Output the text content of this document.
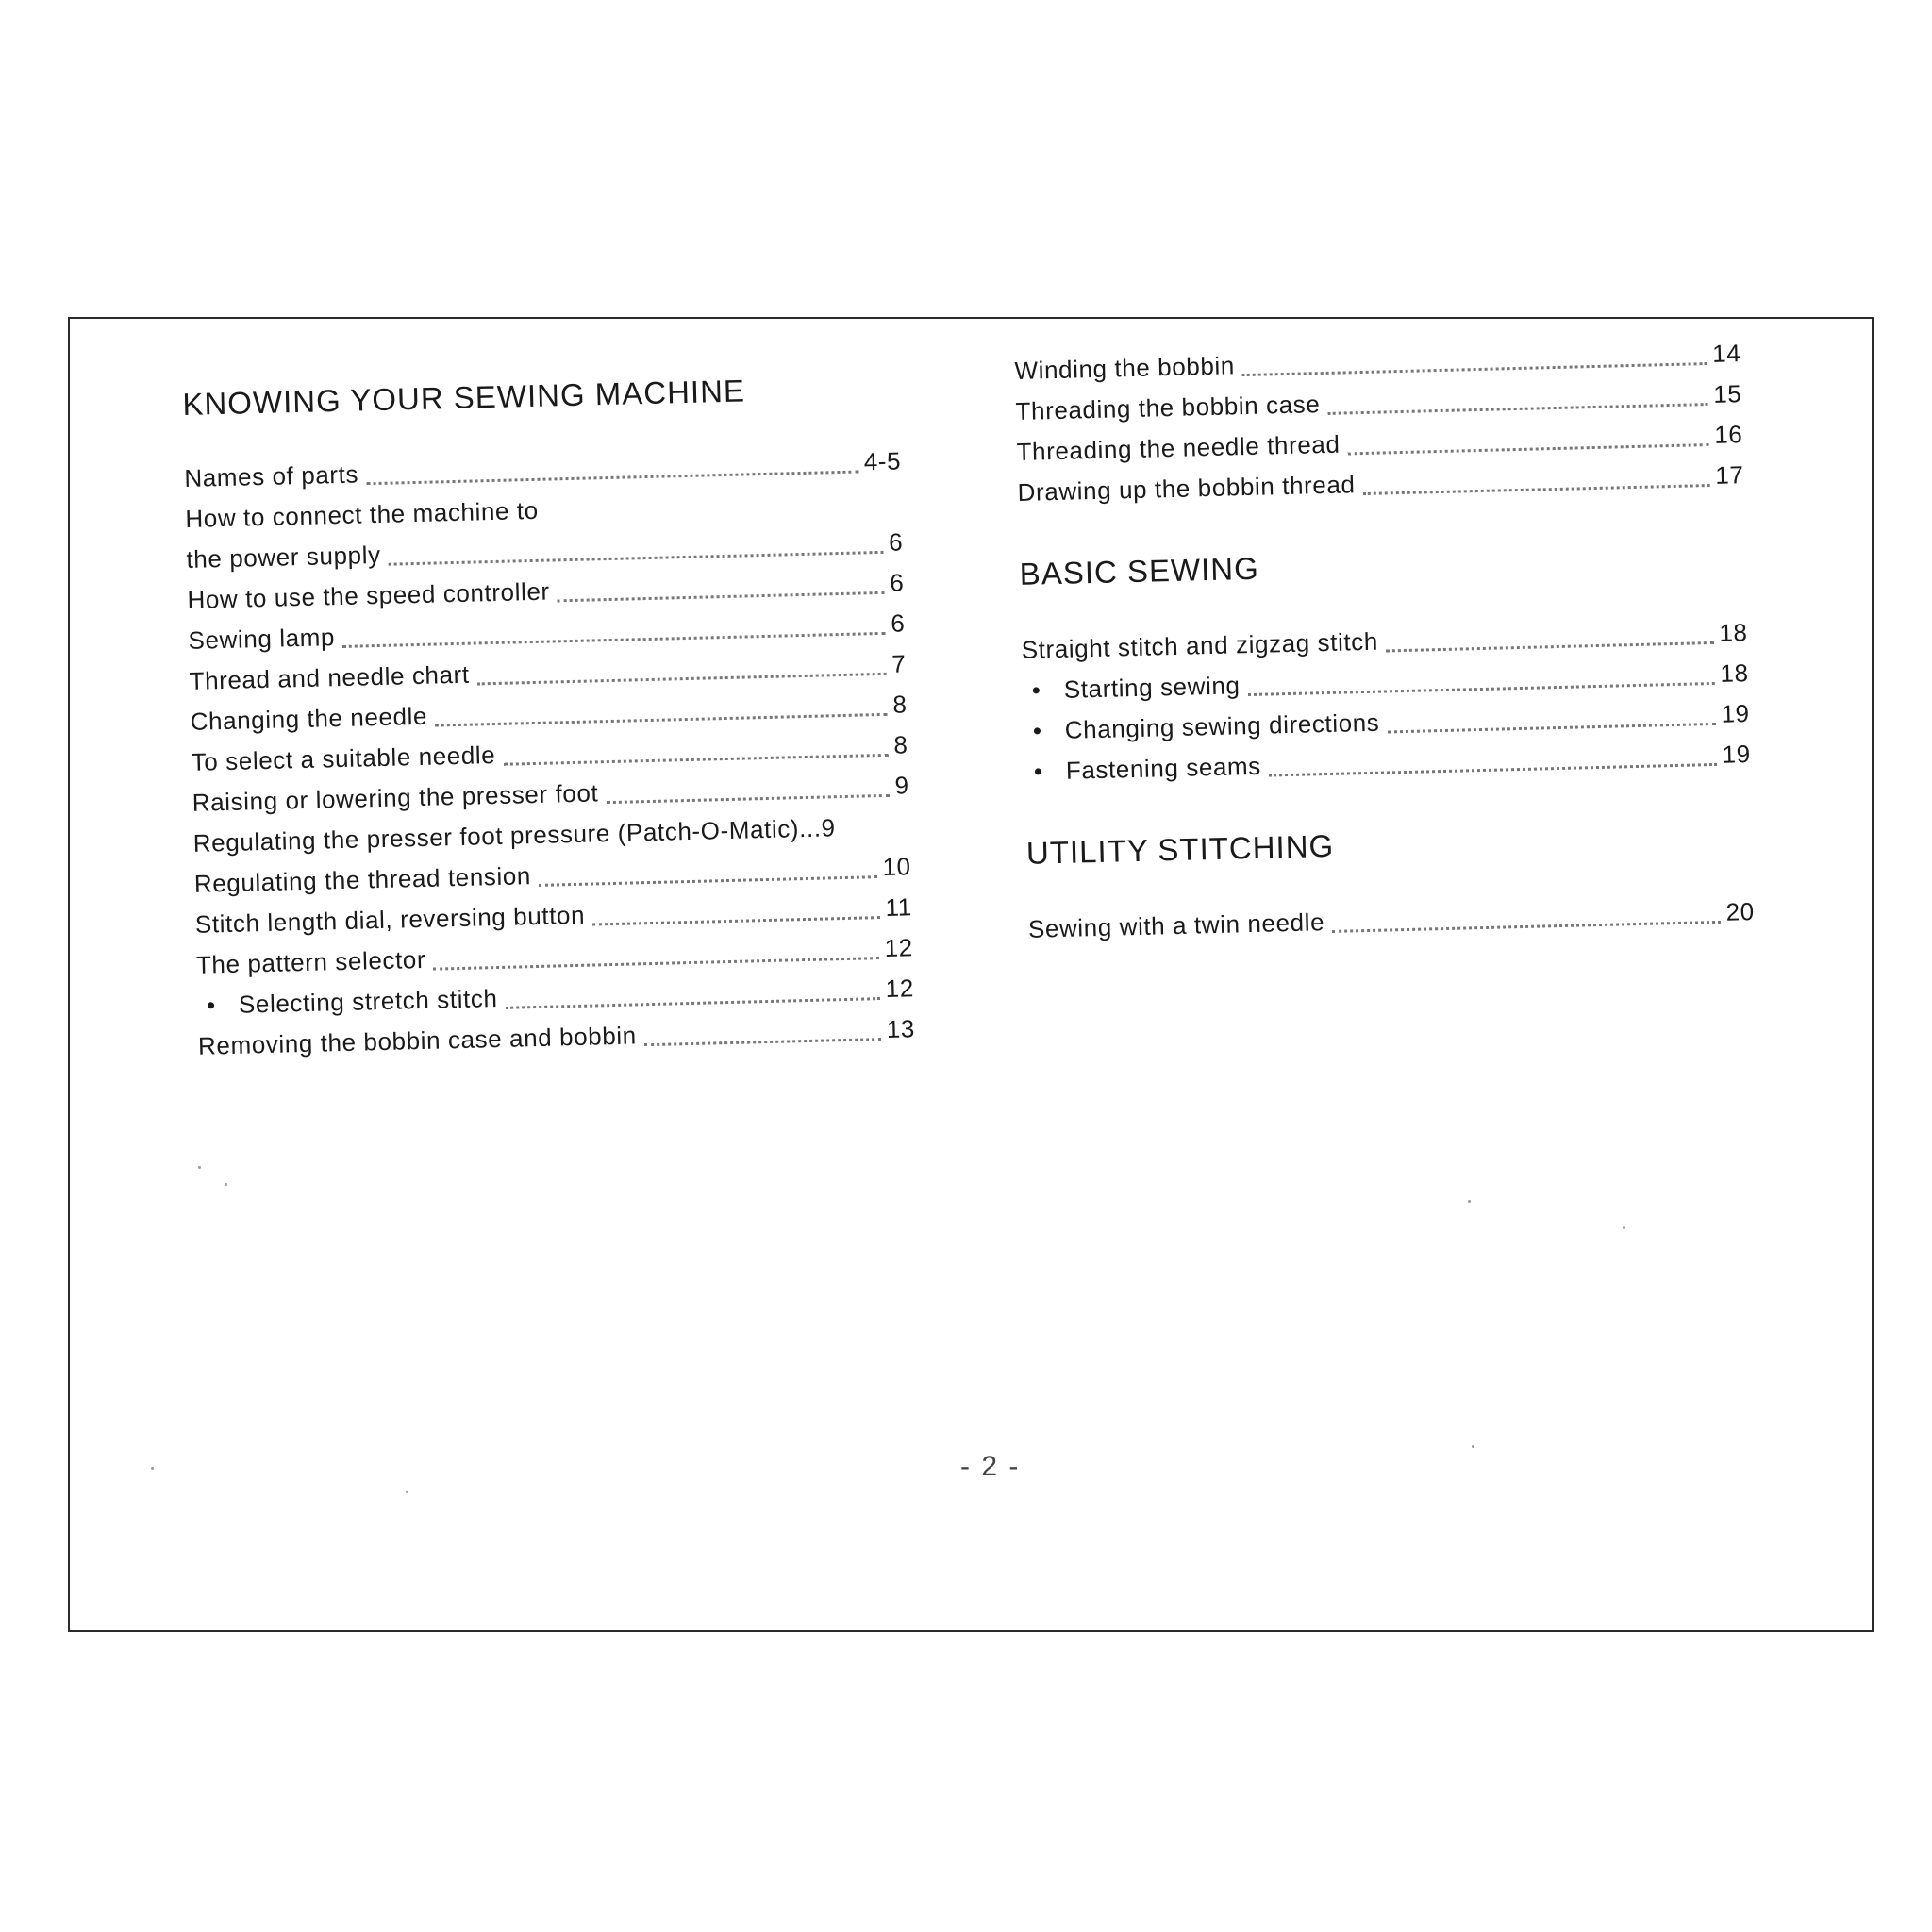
KNOWING YOUR SEWING MACHINE
Names of parts	4-5
How to connect the machine to
the power supply	6
How to use the speed controller	6
Sewing lamp	6
Thread and needle chart	7
Changing the needle	8
To select a suitable needle	8
Raising or lowering the presser foot	9
Regulating the presser foot pressure (Patch-O-Matic)... 9
Regulating the thread tension	10
Stitch length dial, reversing button	11
The pattern selector	12
• Selecting stretch stitch	12
Removing the bobbin case and bobbin	13
Winding the bobbin	14
Threading the bobbin case	15
Threading the needle thread	16
Drawing up the bobbin thread	17
BASIC SEWING
Straight stitch and zigzag stitch	18
• Starting sewing	18
• Changing sewing directions	19
• Fastening seams	19
UTILITY STITCHING
Sewing with a twin needle	20
- 2 -
